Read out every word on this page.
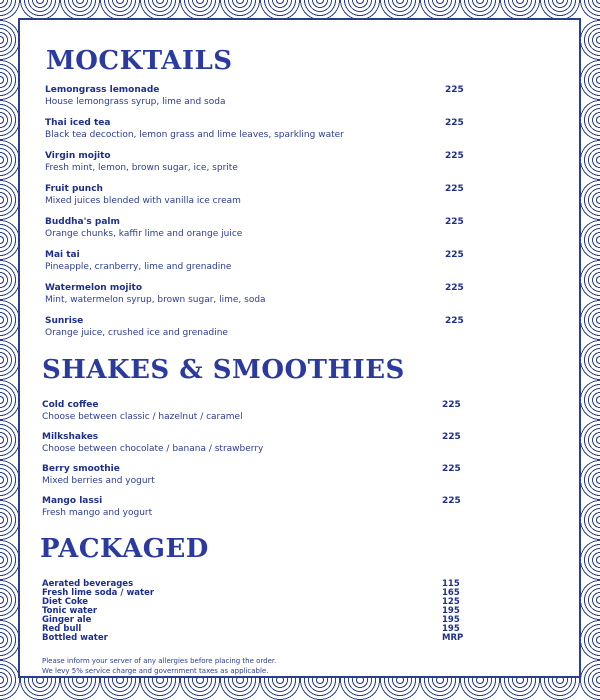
MOCKTAILS
Lemongrass lemonade
House lemongrass syrup, lime and soda
225
Thai iced tea
Black tea decoction, lemon grass and lime leaves, sparkling water
225
Virgin mojito
Fresh mint, lemon, brown sugar, ice, sprite
225
Fruit punch
Mixed juices blended with vanilla ice cream
225
Buddha's palm
Orange chunks, kaffir lime and orange juice
225
Mai tai
Pineapple, cranberry, lime and grenadine
225
Watermelon mojito
Mint, watermelon syrup, brown sugar, lime, soda
225
Sunrise
Orange juice, crushed ice and grenadine
225
SHAKES & SMOOTHIES
Cold coffee
Choose between classic / hazelnut / caramel
225
Milkshakes
Choose between chocolate / banana / strawberry
225
Berry smoothie
Mixed berries and yogurt
225
Mango lassi
Fresh mango and yogurt
225
PACKAGED
Aerated beverages	115
Fresh lime soda / water	165
Diet Coke	125
Tonic water	195
Ginger ale	195
Red bull	195
Bottled water	MRP
Please inform your server of any allergies before placing the order.
We levy 5% service charge and government taxes as applicable.
